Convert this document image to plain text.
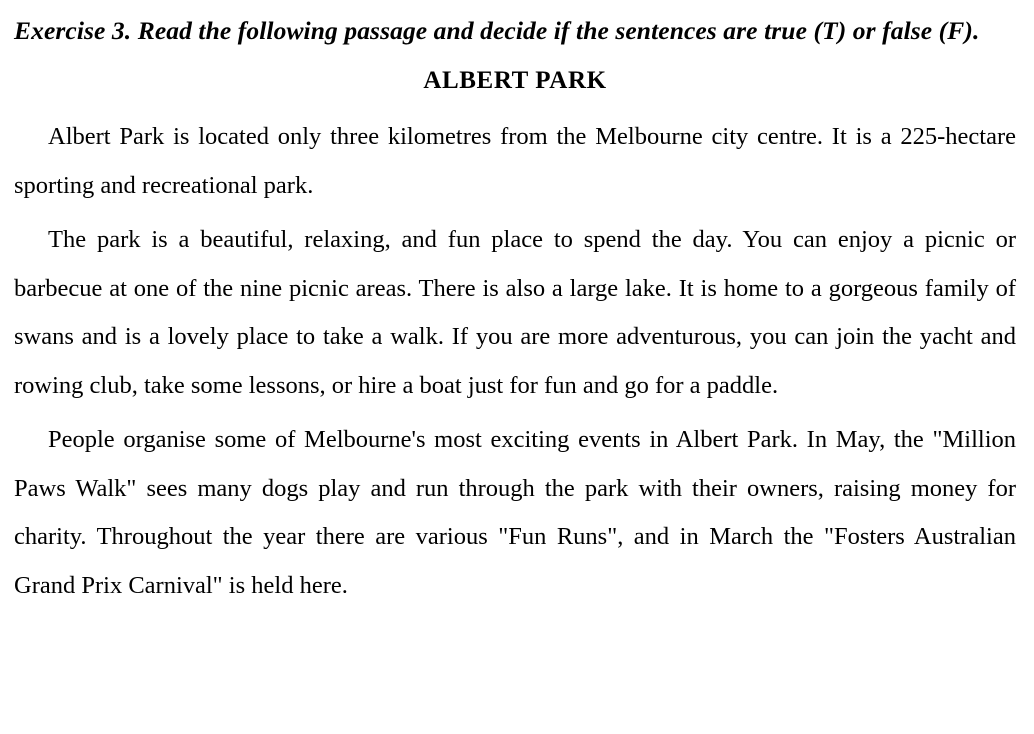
Exercise 3. Read the following passage and decide if the sentences are true (T) or false (F).

ALBERT PARK

Albert Park is located only three kilometres from the Melbourne city centre. It is a 225-hectare sporting and recreational park.

The park is a beautiful, relaxing, and fun place to spend the day. You can enjoy a picnic or barbecue at one of the nine picnic areas. There is also a large lake. It is home to a gorgeous family of swans and is a lovely place to take a walk. If you are more adventurous, you can join the yacht and rowing club, take some lessons, or hire a boat just for fun and go for a paddle.

People organise some of Melbourne's most exciting events in Albert Park. In May, the "Million Paws Walk" sees many dogs play and run through the park with their owners, raising money for charity. Throughout the year there are various "Fun Runs", and in March the "Fosters Australian Grand Prix Carnival" is held here.
